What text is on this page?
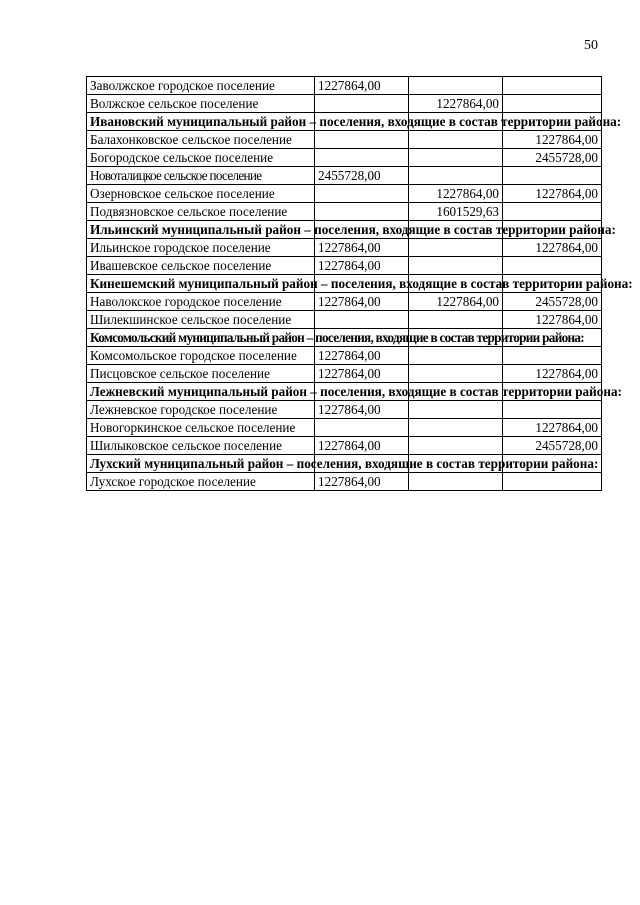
50
Заволжское городское поселение	1227864,00		
Волжское сельское поселение		1227864,00	
Ивановский муниципальный район – поселения, входящие в состав территории района:			
Балахонковское сельское поселение			1227864,00
Богородское сельское поселение			2455728,00
Новоталицкое сельское поселение	2455728,00		
Озерновское сельское поселение		1227864,00	1227864,00
Подвязновское сельское поселение		1601529,63	
Ильинский муниципальный район – поселения, входящие в состав территории района:			
Ильинское городское поселение	1227864,00		1227864,00
Ивашевское сельское поселение	1227864,00		
Кинешемский муниципальный район – поселения, входящие в состав территории района:			
Наволокское городское поселение	1227864,00	1227864,00	2455728,00
Шилекшинское сельское поселение			1227864,00
Комсомольский муниципальный район – поселения, входящие в состав территории района:			
Комсомольское городское поселение	1227864,00		
Писцовское сельское поселение	1227864,00		1227864,00
Лежневский муниципальный район – поселения, входящие в состав территории района:			
Лежневское городское поселение	1227864,00		
Новогоркинское сельское поселение			1227864,00
Шилыковское сельское поселение	1227864,00		2455728,00
Лухский муниципальный район – поселения, входящие в состав территории района:			
Лухское городское поселение	1227864,00		
